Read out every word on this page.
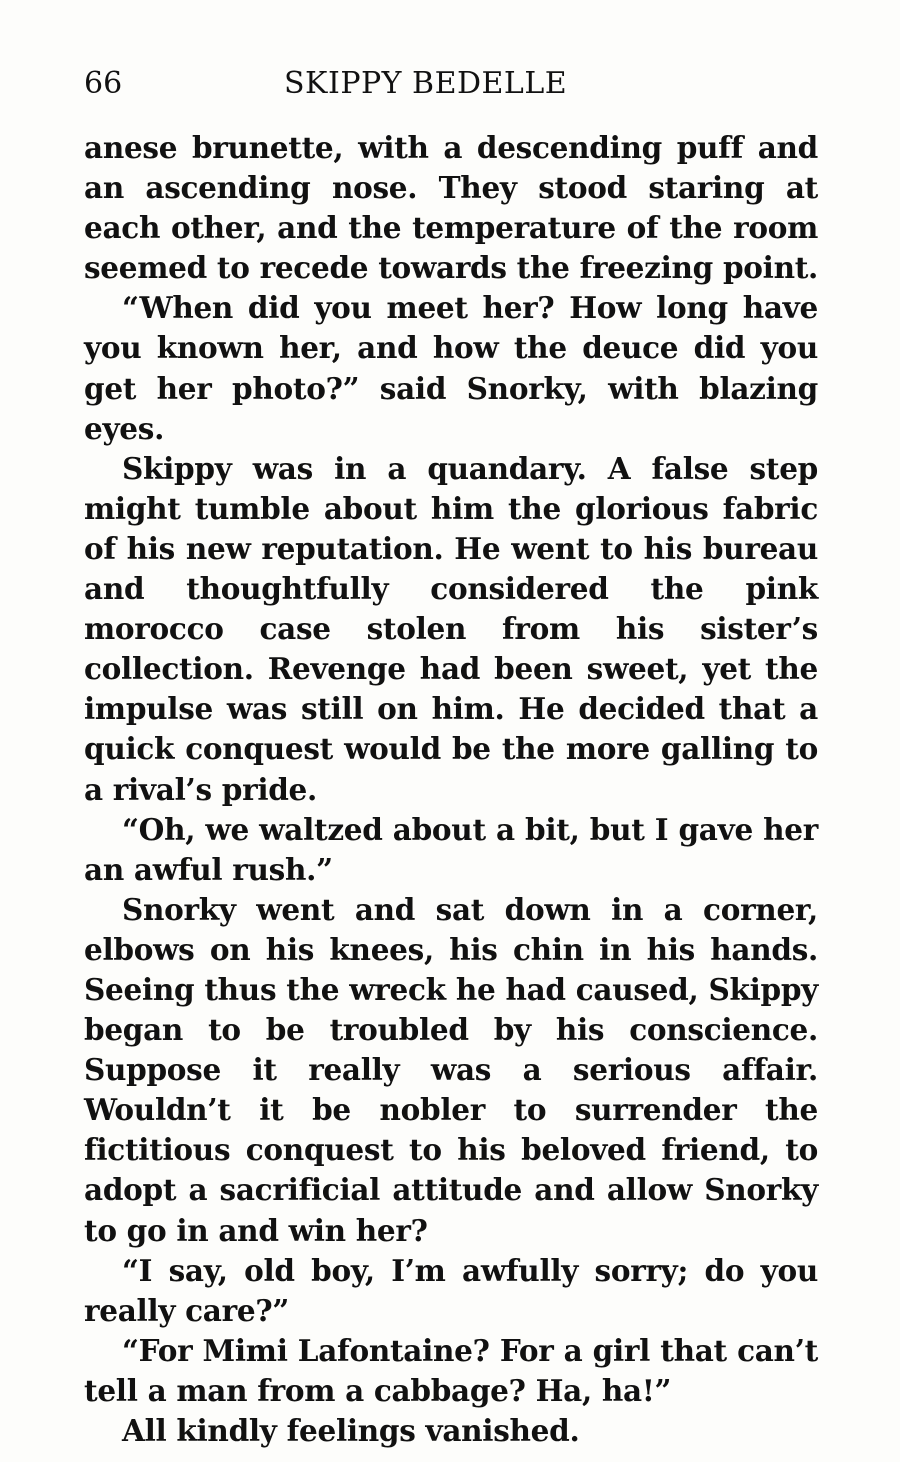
66	SKIPPY BEDELLE

anese brunette, with a descending puff and an ascending nose. They stood staring at each other, and the temperature of the room seemed to recede towards the freezing point.

“When did you meet her? How long have you known her, and how the deuce did you get her photo?” said Snorky, with blazing eyes.

Skippy was in a quandary. A false step might tumble about him the glorious fabric of his new reputation. He went to his bureau and thoughtfully considered the pink morocco case stolen from his sister’s collection. Revenge had been sweet, yet the impulse was still on him. He decided that a quick conquest would be the more galling to a rival’s pride.

“Oh, we waltzed about a bit, but I gave her an awful rush.”

Snorky went and sat down in a corner, elbows on his knees, his chin in his hands. Seeing thus the wreck he had caused, Skippy began to be troubled by his conscience. Suppose it really was a serious affair. Wouldn’t it be nobler to surrender the fictitious conquest to his beloved friend, to adopt a sacrificial attitude and allow Snorky to go in and win her?

“I say, old boy, I’m awfully sorry; do you really care?”

“For Mimi Lafontaine? For a girl that can’t tell a man from a cabbage? Ha, ha!”

All kindly feelings vanished.
